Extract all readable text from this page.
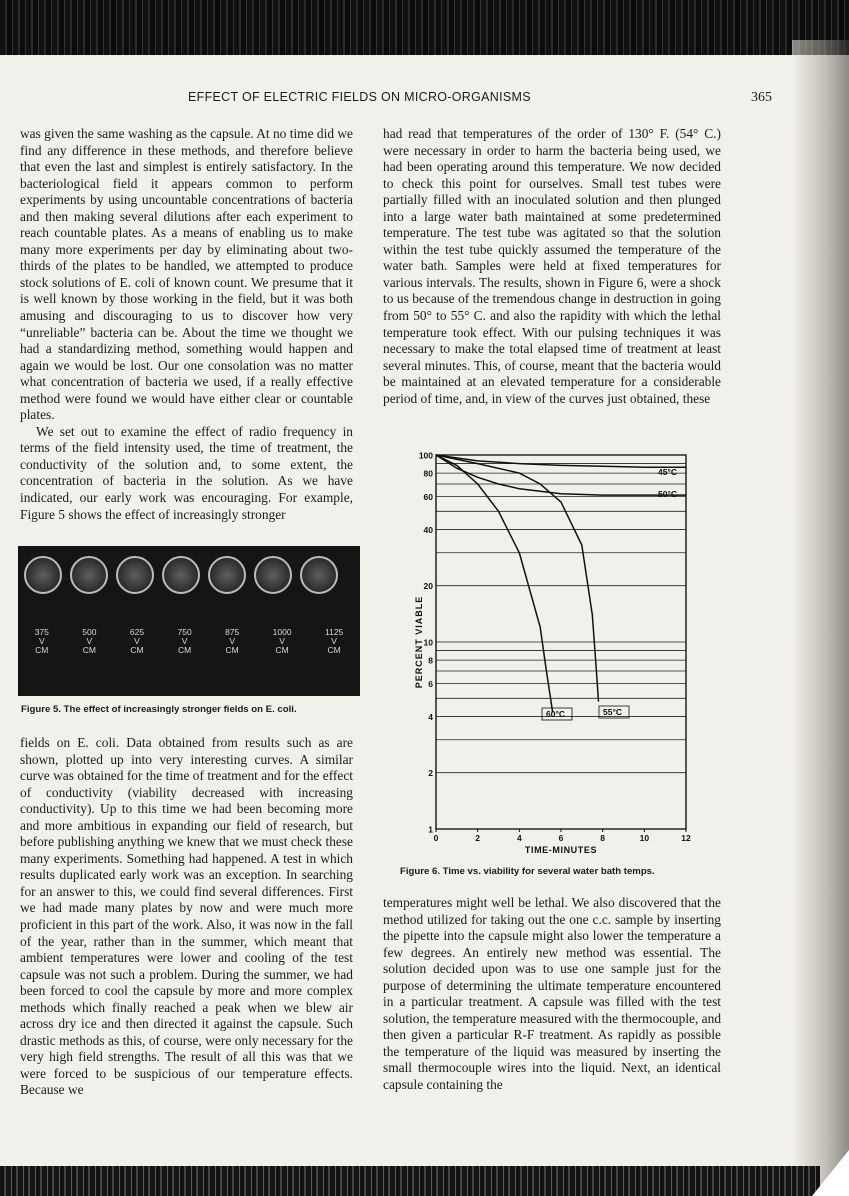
EFFECT OF ELECTRIC FIELDS ON MICRO-ORGANISMS	365

was given the same washing as the capsule. At no time did we find any difference in these methods, and therefore believe that even the last and simplest is entirely satisfactory. In the bacteriological field it appears common to perform experiments by using uncountable concentrations of bacteria and then making several dilutions after each experiment to reach countable plates. As a means of enabling us to make many more experiments per day by eliminating about two-thirds of the plates to be handled, we attempted to produce stock solutions of E. coli of known count. We presume that it is well known by those working in the field, but it was both amusing and discouraging to us to discover how very “unreliable” bacteria can be. About the time we thought we had a standardizing method, something would happen and again we would be lost. Our one consolation was no matter what concentration of bacteria we used, if a really effective method were found we would have either clear or countable plates.

We set out to examine the effect of radio frequency in terms of the field intensity used, the time of treatment, the conductivity of the solution and, to some extent, the concentration of bacteria in the solution. As we have indicated, our early work was encouraging. For example, Figure 5 shows the effect of increasingly stronger

375
V
CM
500
V
CM
625
V
CM
750
V
CM
875
V
CM
1000
V
CM
1125
V
CM
Figure 5. The effect of increasingly stronger fields on E. coli.

fields on E. coli. Data obtained from results such as are shown, plotted up into very interesting curves. A similar curve was obtained for the time of treatment and for the effect of conductivity (viability decreased with increasing conductivity). Up to this time we had been becoming more and more ambitious in expanding our field of research, but before publishing anything we knew that we must check these many experiments. Something had happened. A test in which results duplicated early work was an exception. In searching for an answer to this, we could find several differences. First we had made many plates by now and were much more proficient in this part of the work. Also, it was now in the fall of the year, rather than in the summer, which meant that ambient temperatures were lower and cooling of the test capsule was not such a problem. During the summer, we had been forced to cool the capsule by more and more complex methods which finally reached a peak when we blew air across dry ice and then directed it against the capsule. Such drastic methods as this, of course, were only necessary for the very high field strengths. The result of all this was that we were forced to be suspicious of our temperature effects. Because we

had read that temperatures of the order of 130° F. (54° C.) were necessary in order to harm the bacteria being used, we had been operating around this temperature. We now decided to check this point for ourselves. Small test tubes were partially filled with an inoculated solution and then plunged into a large water bath maintained at some predetermined temperature. The test tube was agitated so that the solution within the test tube quickly assumed the temperature of the water bath. Samples were held at fixed temperatures for various intervals. The results, shown in Figure 6, were a shock to us because of the tremendous change in destruction in going from 50° to 55° C. and also the rapidity with which the lethal temperature took effect. With our pulsing techniques it was necessary to make the total elapsed time of treatment at least several minutes. This, of course, meant that the bacteria would be maintained at an elevated temperature for a considerable period of time, and, in view of the curves just obtained, these

1
2
4
6
8
10
20
40
60
80
100
0	2	4	6	8	10	12
TIME-MINUTES
PERCENT VIABLE
45°C
50°C
60°C	55°C
Figure 6. Time vs. viability for several water bath temps.

temperatures might well be lethal. We also discovered that the method utilized for taking out the one c.c. sample by inserting the pipette into the capsule might also lower the temperature a few degrees. An entirely new method was essential. The solution decided upon was to use one sample just for the purpose of determining the ultimate temperature encountered in a particular treatment. A capsule was filled with the test solution, the temperature measured with the thermocouple, and then given a particular R-F treatment. As rapidly as possible the temperature of the liquid was measured by inserting the small thermocouple wires into the liquid. Next, an identical capsule containing the
